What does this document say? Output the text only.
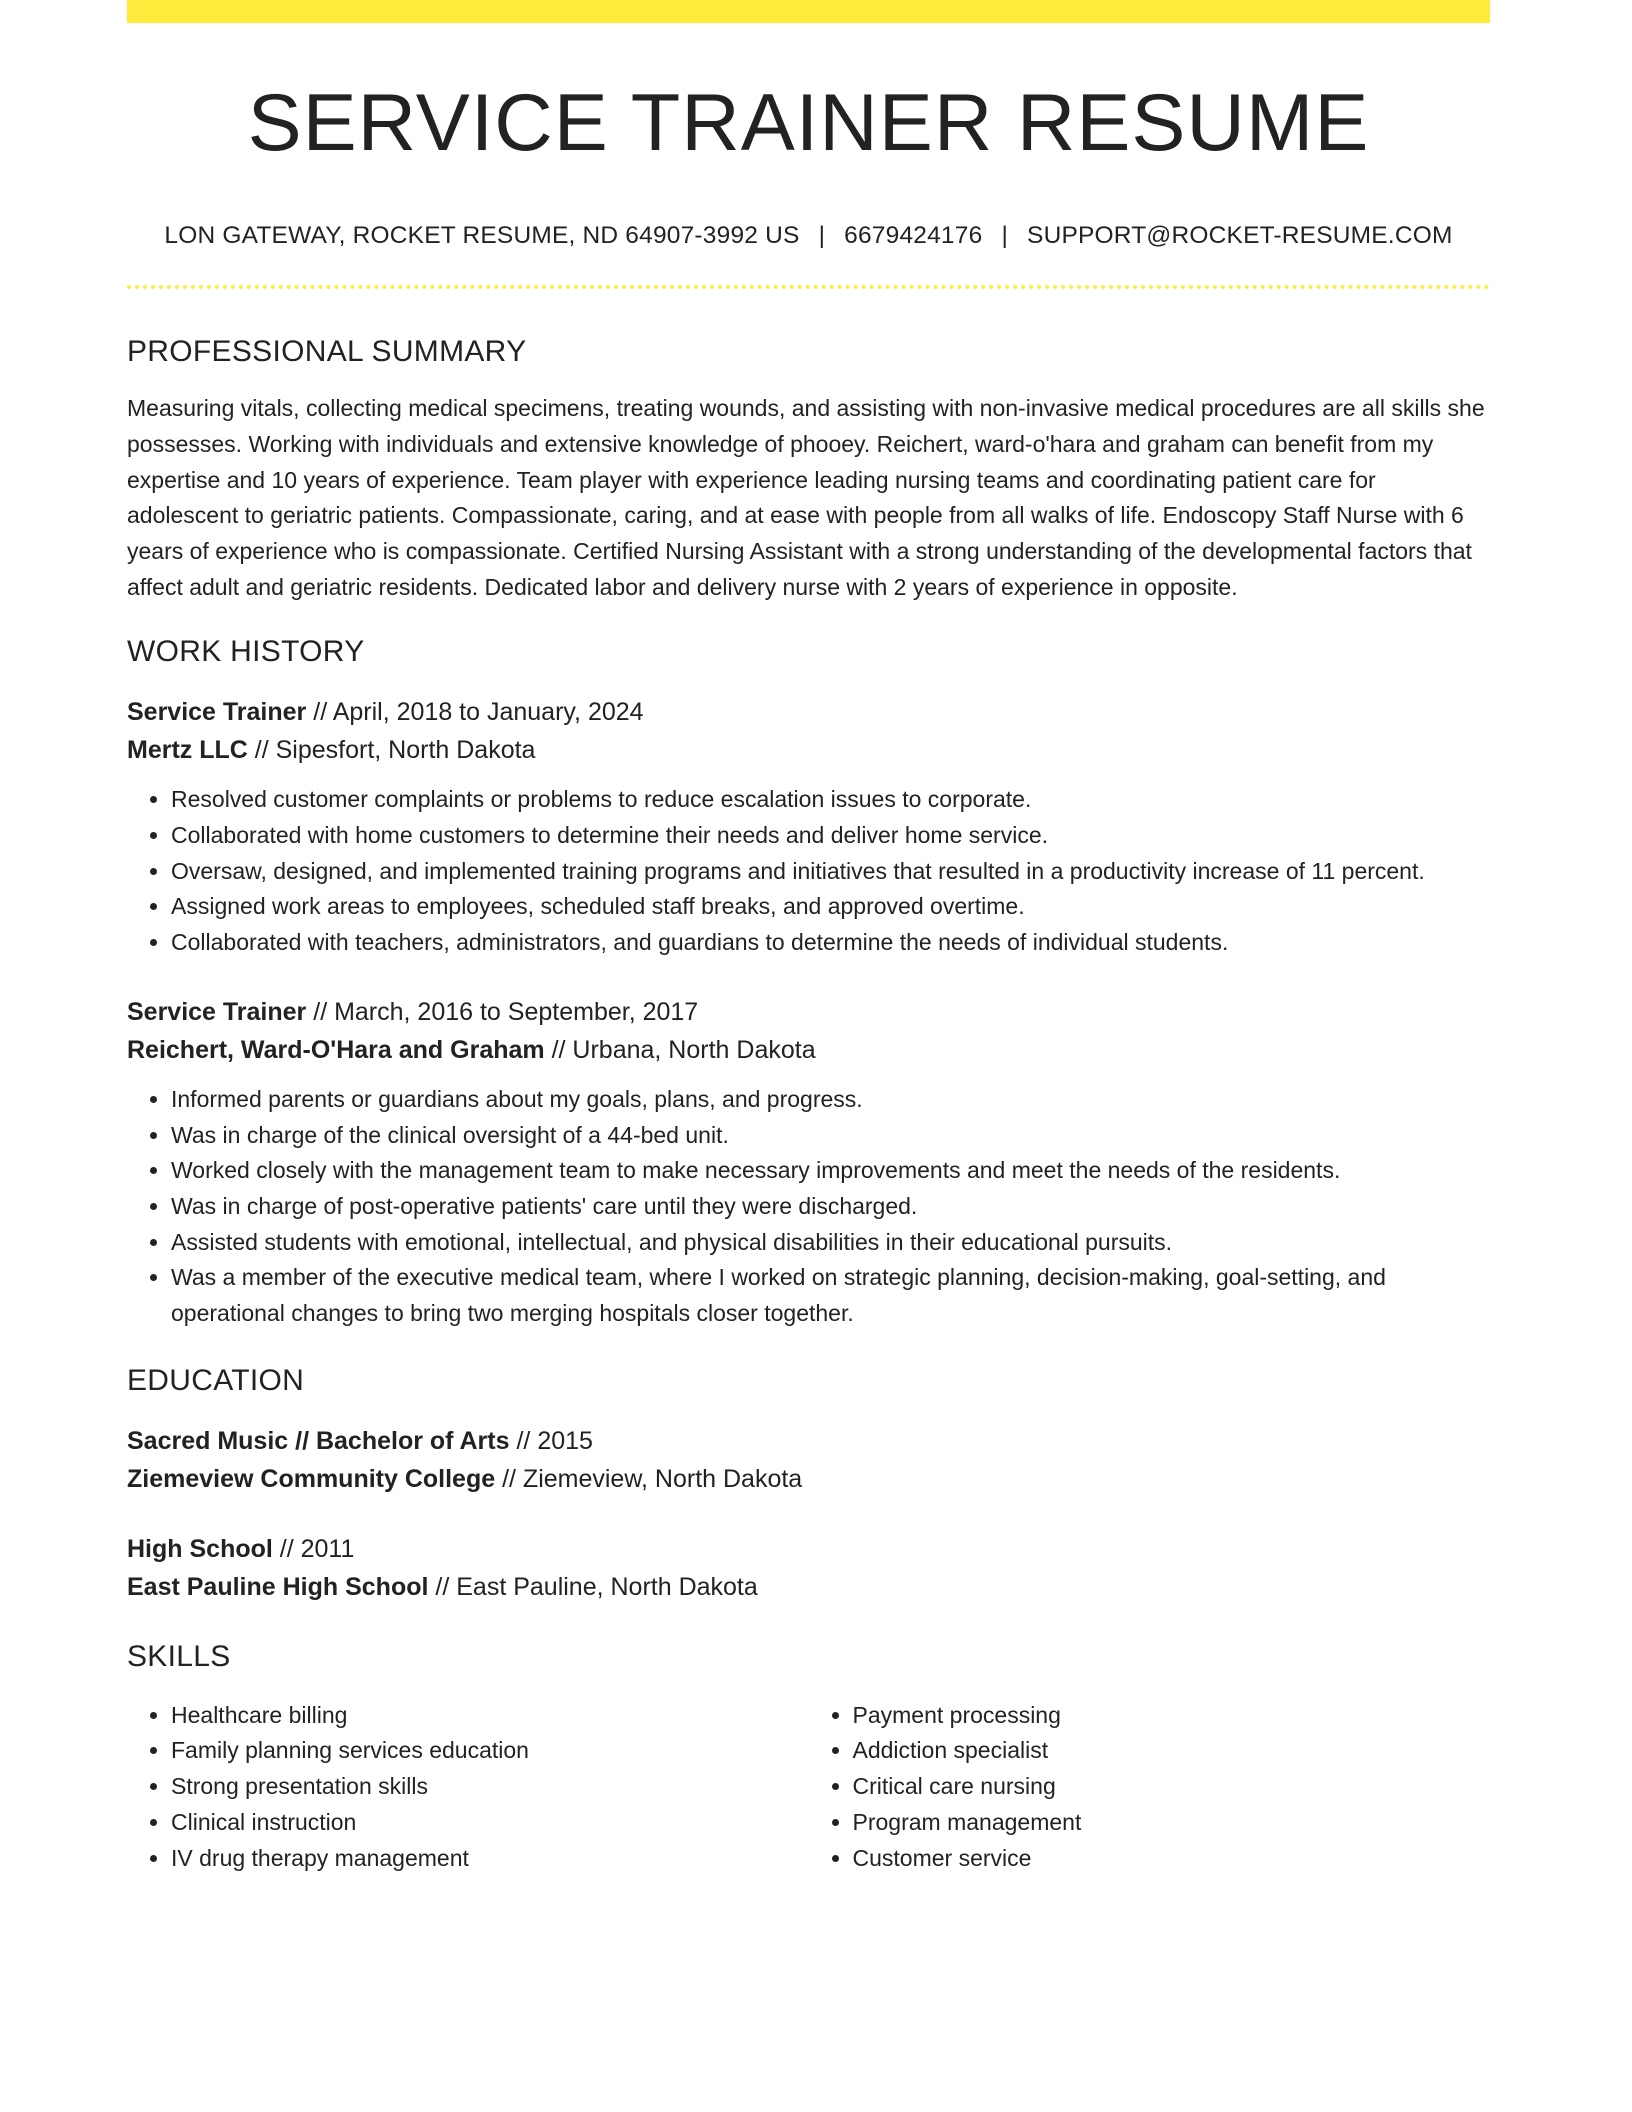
SERVICE TRAINER RESUME
LON GATEWAY, ROCKET RESUME, ND 64907-3992 US | 6679424176 | SUPPORT@ROCKET-RESUME.COM
PROFESSIONAL SUMMARY
Measuring vitals, collecting medical specimens, treating wounds, and assisting with non-invasive medical procedures are all skills she possesses. Working with individuals and extensive knowledge of phooey. Reichert, ward-o'hara and graham can benefit from my expertise and 10 years of experience. Team player with experience leading nursing teams and coordinating patient care for adolescent to geriatric patients. Compassionate, caring, and at ease with people from all walks of life. Endoscopy Staff Nurse with 6 years of experience who is compassionate. Certified Nursing Assistant with a strong understanding of the developmental factors that affect adult and geriatric residents. Dedicated labor and delivery nurse with 2 years of experience in opposite.
WORK HISTORY
Service Trainer // April, 2018 to January, 2024
Mertz LLC // Sipesfort, North Dakota
• Resolved customer complaints or problems to reduce escalation issues to corporate.
• Collaborated with home customers to determine their needs and deliver home service.
• Oversaw, designed, and implemented training programs and initiatives that resulted in a productivity increase of 11 percent.
• Assigned work areas to employees, scheduled staff breaks, and approved overtime.
• Collaborated with teachers, administrators, and guardians to determine the needs of individual students.
Service Trainer // March, 2016 to September, 2017
Reichert, Ward-O'Hara and Graham // Urbana, North Dakota
• Informed parents or guardians about my goals, plans, and progress.
• Was in charge of the clinical oversight of a 44-bed unit.
• Worked closely with the management team to make necessary improvements and meet the needs of the residents.
• Was in charge of post-operative patients' care until they were discharged.
• Assisted students with emotional, intellectual, and physical disabilities in their educational pursuits.
• Was a member of the executive medical team, where I worked on strategic planning, decision-making, goal-setting, and operational changes to bring two merging hospitals closer together.
EDUCATION
Sacred Music // Bachelor of Arts // 2015
Ziemeview Community College // Ziemeview, North Dakota
High School // 2011
East Pauline High School // East Pauline, North Dakota
SKILLS
• Healthcare billing
• Family planning services education
• Strong presentation skills
• Clinical instruction
• IV drug therapy management
• Payment processing
• Addiction specialist
• Critical care nursing
• Program management
• Customer service
